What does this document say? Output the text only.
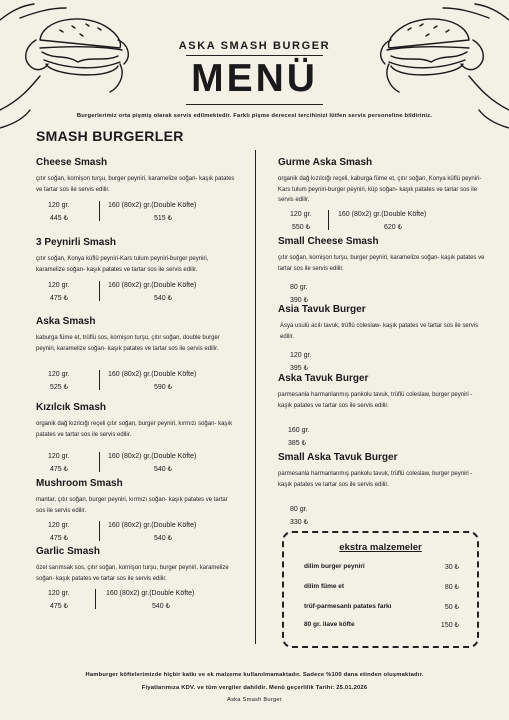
ASKA SMASH BURGER
MENÜ
Burgerlerimiz orta pişmiş olarak servis edilmektedir. Farklı pişme derecesi tercihinizi lütfen servis personeline bildiriniz.
SMASH BURGERLER
Cheese Smash
çıtır soğan, kornişon turşu, burger peyniri, karamelize soğan- kaşık patates ve tartar sos ile servis edilir.
120 gr.
445 ₺
160 (80x2) gr.(Double Köfte)
515 ₺
3 Peynirli Smash
çıtır soğan, Konya küflü peyniri-Kars tulum peyniri-burger peyniri, karamelize soğan- kaşık patates ve tartar sos ile servis edilir.
120 gr.
475 ₺
160 (80x2) gr.(Double Köfte)
540 ₺
Aska Smash
kaburga füme et, trüflü sos, kornişon turşu, çıtır soğan, double burger peyniri, karamelize soğan- kaşık patates ve tartar sos ile servis edilir.
120 gr.
525 ₺
160 (80x2) gr.(Double Köfte)
590 ₺
Kızılcık Smash
organik dağ kızılcığı reçeli çıtır soğan, burger peyniri, kırmızı soğan- kaşık patates ve tartar sos ile servis edilir.
120 gr.
475 ₺
160 (80x2) gr.(Double Köfte)
540 ₺
Mushroom Smash
mantar, çıtır soğan, burger peyniri, kırmızı soğan- kaşık patates ve tartar sos ile servis edilir.
120 gr.
475 ₺
160 (80x2) gr.(Double Köfte)
540 ₺
Garlic Smash
özel sarımsak sos, çıtır soğan, kornişon turşu, burger peyniri, karamelize soğan- kaşık patates ve tartar sos ile servis edilir.
120 gr.
475 ₺
160 (80x2) gr.(Double Köfte)
540 ₺
Gurme Aska Smash
organik dağ kızılcığı reçeli, kaburga füme et, çıtır soğan, Konya küflü peyniri-Kars tulum peyniri-burger peyniri, küp soğan- kaşık patates ve tartar sos ile servis edilir.
120 gr.
550 ₺
160 (80x2) gr.(Double Köfte)
620 ₺
Small Cheese Smash
çıtır soğan, kornişon turşu, burger peyniri, karamelize soğan- kaşık patates ve tartar sos ile servis edilir.
80 gr.
390 ₺
Asia Tavuk Burger
Asya usulü acılı tavuk, trüflü coleslaw- kaşık patates ve tartar sos ile servis edilir.
120 gr.
395 ₺
Aska Tavuk Burger
parmesanla harmanlanmış pankolu tavuk, trüflü coleslaw, burger peyniri - kaşık patates ve tartar sos ile servis edilir.
160 gr.
385 ₺
Small Aska Tavuk Burger
parmesanla harmanlanmış pankolu tavuk, trüflü coleslaw, burger peyniri - kaşık patates ve tartar sos ile servis edilir.
80 gr.
330 ₺
ekstra malzemeler
dilim burger peyniri	30 ₺
dilim füme et	80 ₺
trüf-parmesanlı patates farkı	50 ₺
80 gr. ilave köfte	150 ₺
Hamburger köftelerimizde hiçbir katkı ve ek malzeme kullanılmamaktadır. Sadece %100 dana etinden oluşmaktadır.
Fiyatlarımıza KDV. ve tüm vergiler dahildir. Menü geçerlilik Tarihi: 25.01.2026
Aska Smash Burger
